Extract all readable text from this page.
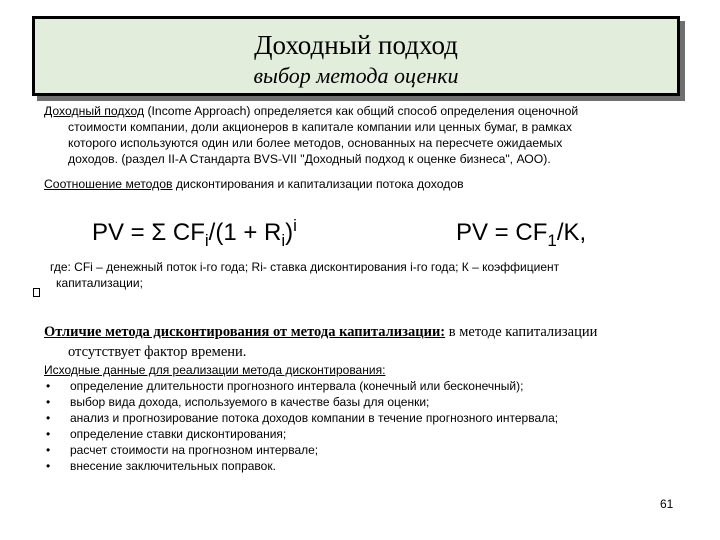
Доходный подход
выбор метода оценки
Доходный подход (Income Approach) определяется как общий способ определения оценочной
стоимости компании, доли акционеров в капитале компании или ценных бумаг, в рамках
которого используются один или более методов, основанных на пересчете ожидаемых
доходов. (раздел II-A Стандарта BVS-VII "Доходный подход к оценке бизнеса", АОО).
Соотношение методов дисконтирования и капитализации потока доходов
PV = Σ $CF_i/(1 + R_i)^i$	PV = $CF_1/K$,
где: CFi – денежный поток i-го года; Ri- ставка дисконтирования i-го года; К – коэффициент
капитализации;
Отличие метода дисконтирования от метода капитализации: в методе капитализации
отсутствует фактор времени.
Исходные данные для реализации метода дисконтирования:
• определение длительности прогнозного интервала (конечный или бесконечный);
• выбор вида дохода, используемого в качестве базы для оценки;
• анализ и прогнозирование потока доходов компании в течение прогнозного интервала;
• определение ставки дисконтирования;
• расчет стоимости на прогнозном интервале;
• внесение заключительных поправок.
61
